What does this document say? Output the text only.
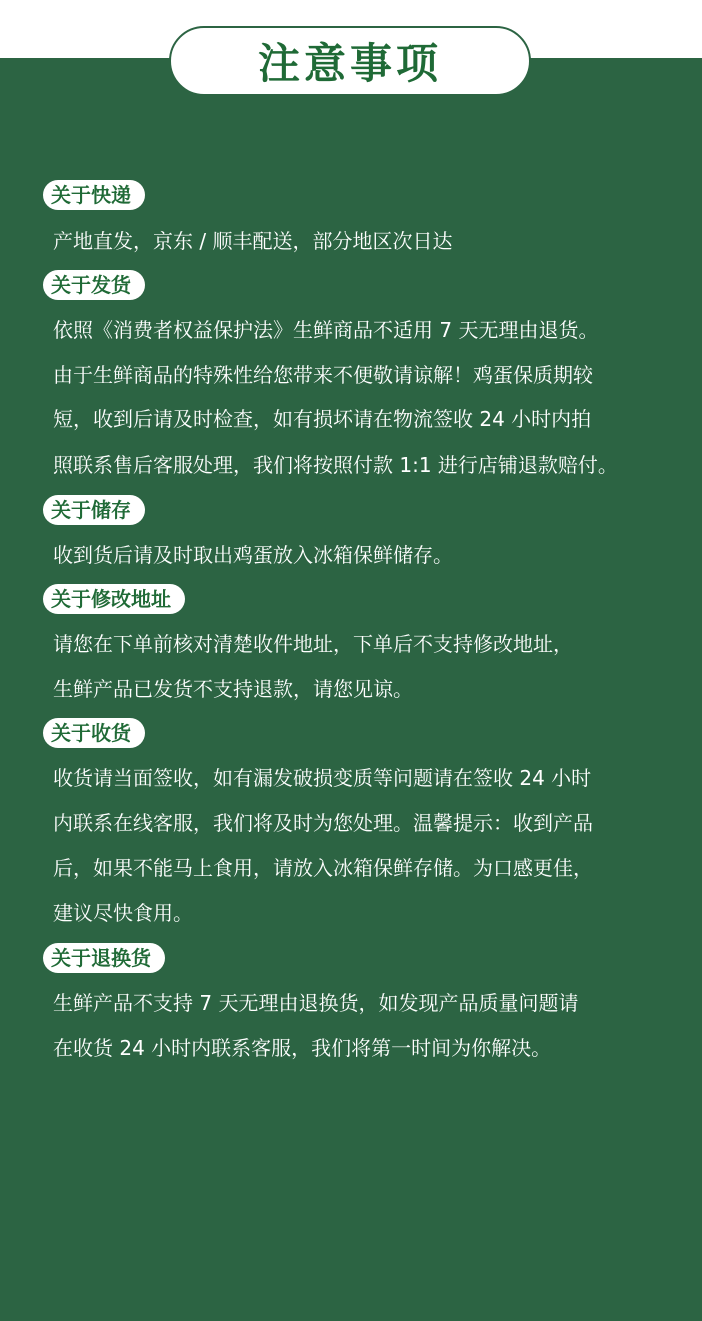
注意事项
关于快递
产地直发，京东 / 顺丰配送，部分地区次日达
关于发货
依照《消费者权益保护法》生鲜商品不适用 7 天无理由退货。
由于生鲜商品的特殊性给您带来不便敬请谅解！鸡蛋保质期较
短，收到后请及时检查，如有损坏请在物流签收 24 小时内拍
照联系售后客服处理，我们将按照付款 1:1 进行店铺退款赔付。
关于储存
收到货后请及时取出鸡蛋放入冰箱保鲜储存。
关于修改地址
请您在下单前核对清楚收件地址，下单后不支持修改地址，
生鲜产品已发货不支持退款，请您见谅。
关于收货
收货请当面签收，如有漏发破损变质等问题请在签收 24 小时
内联系在线客服，我们将及时为您处理。温馨提示：收到产品
后，如果不能马上食用，请放入冰箱保鲜存储。为口感更佳，
建议尽快食用。
关于退换货
生鲜产品不支持 7 天无理由退换货，如发现产品质量问题请
在收货 24 小时内联系客服，我们将第一时间为你解决。
